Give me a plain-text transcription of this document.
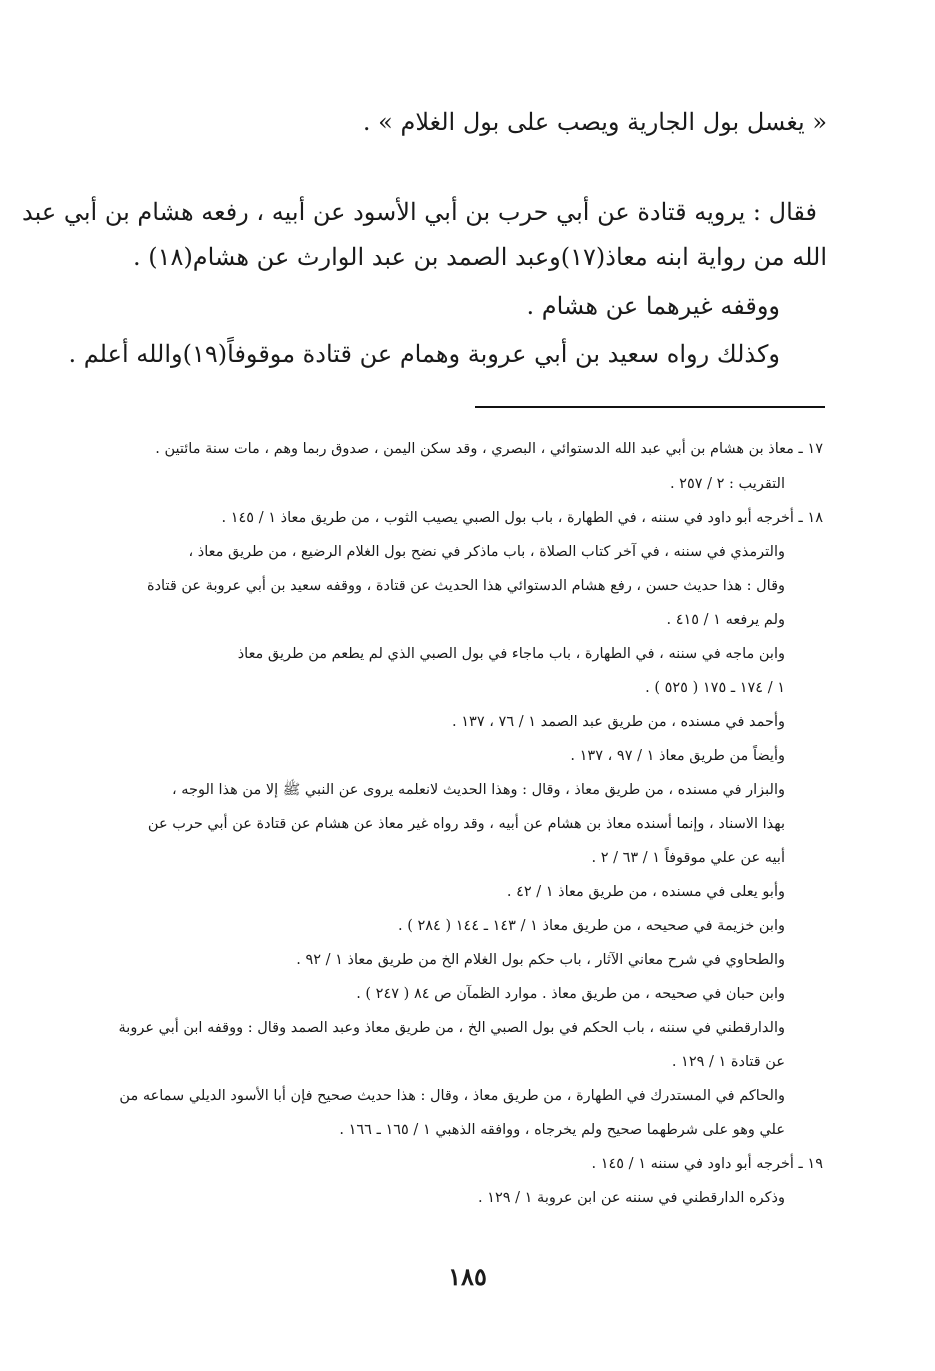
« يغسل بول الجارية ويصب على بول الغلام » .
فقال : يرويه قتادة عن أبي حرب بن أبي الأسود عن أبيه ، رفعه هشام بن أبي عبد
الله من رواية ابنه معاذ(١٧)وعبد الصمد بن عبد الوارث عن هشام(١٨) .
ووقفه غيرهما عن هشام .
وكذلك رواه سعيد بن أبي عروبة وهمام عن قتادة موقوفاً(١٩)والله أعلم .
١٧ ـ معاذ بن هشام بن أبي عبد الله الدستوائي ، البصري ، وقد سكن اليمن ، صدوق ربما وهم ، مات سنة مائتين .
التقريب : ٢ / ٢٥٧ .
١٨ ـ أخرجه أبو داود في سننه ، في الطهارة ، باب بول الصبي يصيب الثوب ، من طريق معاذ ١ / ١٤٥ .
والترمذي في سننه ، في آخر كتاب الصلاة ، باب ماذكر في نضح بول الغلام الرضيع ، من طريق معاذ ،
وقال : هذا حديث حسن ، رفع هشام الدستوائي هذا الحديث عن قتادة ، ووقفه سعيد بن أبي عروبة عن قتادة
ولم يرفعه ١ / ٤١٥ .
وابن ماجه في سننه ، في الطهارة ، باب ماجاء في بول الصبي الذي لم يطعم من طريق معاذ
١ / ١٧٤ ـ ١٧٥ ( ٥٢٥ ) .
وأحمد في مسنده ، من طريق عبد الصمد ١ / ٧٦ ، ١٣٧ .
وأيضاً من طريق معاذ ١ / ٩٧ ، ١٣٧ .
والبزار في مسنده ، من طريق معاذ ، وقال : وهذا الحديث لانعلمه يروى عن النبي ﷺ إلا من هذا الوجه ،
بهذا الاسناد ، وإنما أسنده معاذ بن هشام عن أبيه ، وقد رواه غير معاذ عن هشام عن قتادة عن أبي حرب عن
أبيه عن علي موقوفاً ١ / ٦٣ / ٢ .
وأبو يعلى في مسنده ، من طريق معاذ ١ / ٤٢ .
وابن خزيمة في صحيحه ، من طريق معاذ ١ / ١٤٣ ـ ١٤٤ ( ٢٨٤ ) .
والطحاوي في شرح معاني الآثار ، باب حكم بول الغلام الخ من طريق معاذ ١ / ٩٢ .
وابن حبان في صحيحه ، من طريق معاذ . موارد الظمآن ص ٨٤ ( ٢٤٧ ) .
والدارقطني في سننه ، باب الحكم في بول الصبي الخ ، من طريق معاذ وعبد الصمد وقال : ووقفه ابن أبي عروبة
عن قتادة ١ / ١٢٩ .
والحاكم في المستدرك في الطهارة ، من طريق معاذ ، وقال : هذا حديث صحيح فإن أبا الأسود الديلي سماعه من
علي وهو على شرطهما صحيح ولم يخرجاه ، ووافقه الذهبي ١ / ١٦٥ ـ ١٦٦ .
١٩ ـ أخرجه أبو داود في سننه ١ / ١٤٥ .
وذكره الدارقطني في سننه عن ابن عروبة ١ / ١٢٩ .
١٨٥
